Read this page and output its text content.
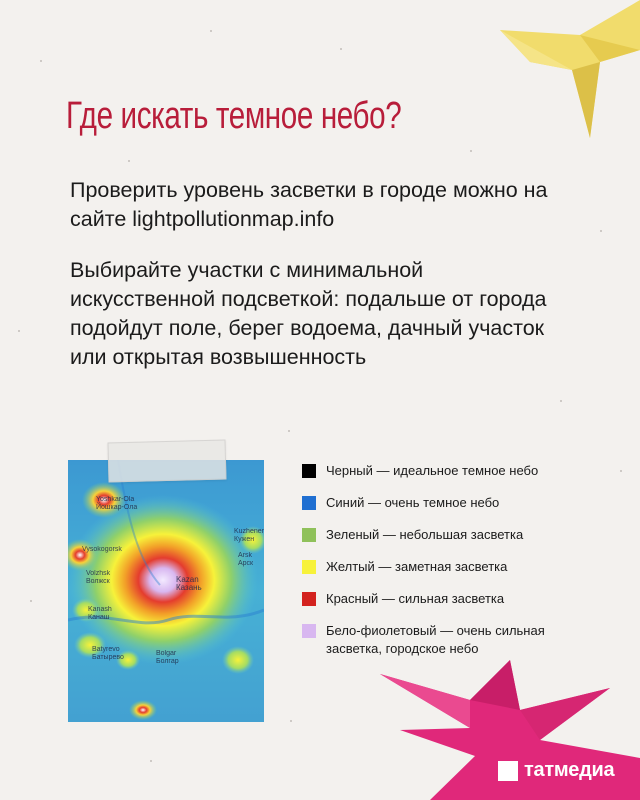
Где искать темное небо?

Проверить уровень засветки в городе можно на сайте lightpollutionmap.info

Выбирайте участки с минимальной искусственной подсветкой: подальше от города подойдут поле, берег водоема, дачный участок или открытая возвышенность

Yoshkar-Ola
Йошкар-Ола
Kuzhener
Кужен
Vysokogorsk
Arsk
Арск
Volzhsk
Волжск	Kazan
Казань
Kanash
Канаш
Batyrevo
Батырево
Bolgar
Болгар
Черный — идеальное темное небо
Синий — очень темное небо
Зеленый — небольшая засветка
Желтый — заметная засветка
Красный — сильная засветка
Бело-фиолетовый — очень сильная засветка, городское небо
татмедиа
